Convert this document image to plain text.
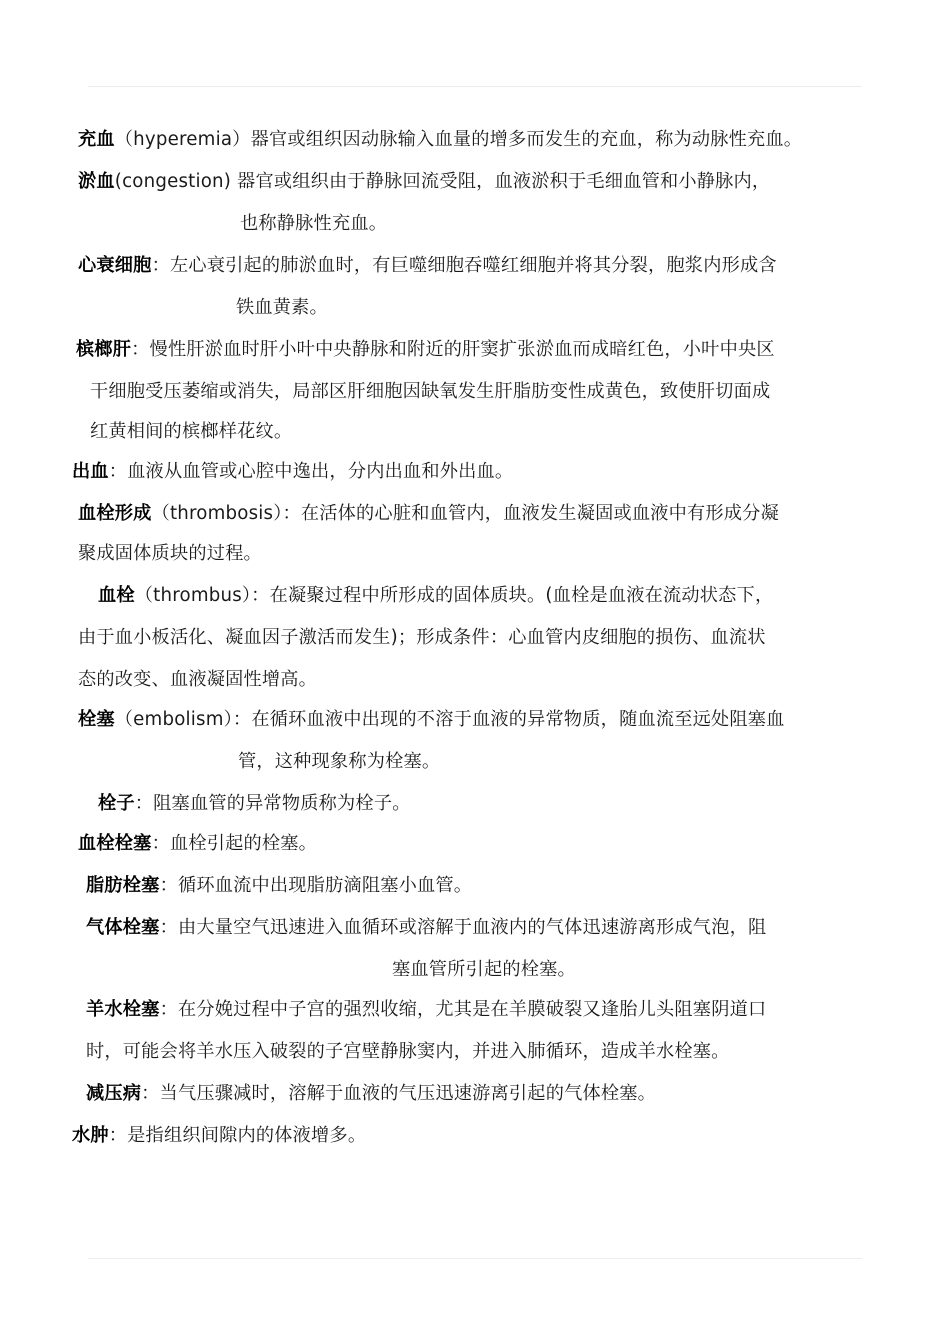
充血（hyperemia）器官或组织因动脉输入血量的增多而发生的充血，称为动脉性充血。
淤血(congestion) 器官或组织由于静脉回流受阻，血液淤积于毛细血管和小静脉内，
也称静脉性充血。
心衰细胞：左心衰引起的肺淤血时，有巨噬细胞吞噬红细胞并将其分裂，胞浆内形成含
铁血黄素。
槟榔肝：慢性肝淤血时肝小叶中央静脉和附近的肝窦扩张淤血而成暗红色，小叶中央区
干细胞受压萎缩或消失，局部区肝细胞因缺氧发生肝脂肪变性成黄色，致使肝切面成
红黄相间的槟榔样花纹。
出血：血液从血管或心腔中逸出，分内出血和外出血。
血栓形成（thrombosis）：在活体的心脏和血管内，血液发生凝固或血液中有形成分凝
聚成固体质块的过程。
血栓（thrombus）：在凝聚过程中所形成的固体质块。(血栓是血液在流动状态下，
由于血小板活化、凝血因子激活而发生)；形成条件：心血管内皮细胞的损伤、血流状
态的改变、血液凝固性增高。
栓塞（embolism）：在循环血液中出现的不溶于血液的异常物质，随血流至远处阻塞血
管，这种现象称为栓塞。
栓子：阻塞血管的异常物质称为栓子。
血栓栓塞：血栓引起的栓塞。
脂肪栓塞：循环血流中出现脂肪滴阻塞小血管。
气体栓塞：由大量空气迅速进入血循环或溶解于血液内的气体迅速游离形成气泡，阻
塞血管所引起的栓塞。
羊水栓塞：在分娩过程中子宫的强烈收缩，尤其是在羊膜破裂又逢胎儿头阻塞阴道口
时，可能会将羊水压入破裂的子宫壁静脉窦内，并进入肺循环，造成羊水栓塞。
减压病：当气压骤减时，溶解于血液的气压迅速游离引起的气体栓塞。
水肿：是指组织间隙内的体液增多。
